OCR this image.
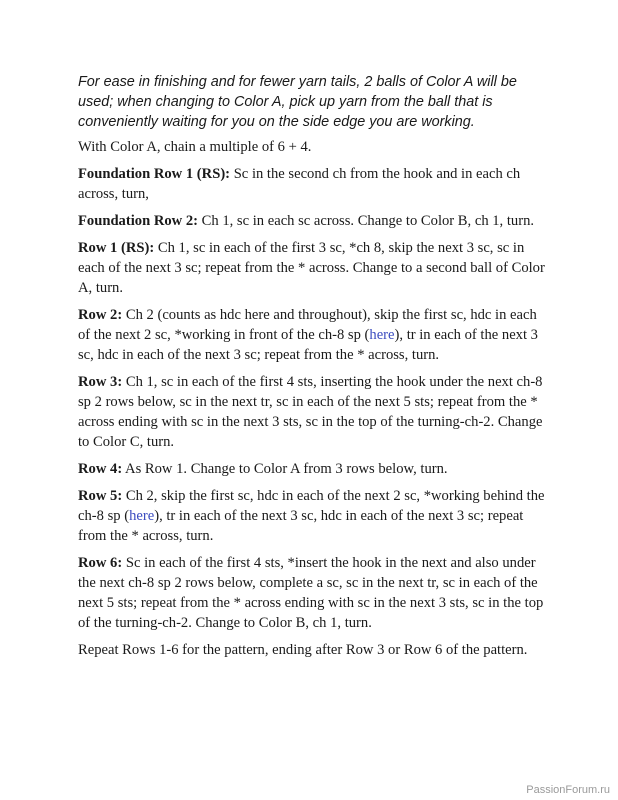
For ease in finishing and for fewer yarn tails, 2 balls of Color A will be used; when changing to Color A, pick up yarn from the ball that is conveniently waiting for you on the side edge you are working.

With Color A, chain a multiple of 6 + 4.

Foundation Row 1 (RS): Sc in the second ch from the hook and in each ch across, turn,

Foundation Row 2: Ch 1, sc in each sc across. Change to Color B, ch 1, turn.

Row 1 (RS): Ch 1, sc in each of the first 3 sc, *ch 8, skip the next 3 sc, sc in each of the next 3 sc; repeat from the * across. Change to a second ball of Color A, turn.

Row 2: Ch 2 (counts as hdc here and throughout), skip the first sc, hdc in each of the next 2 sc, *working in front of the ch-8 sp (here), tr in each of the next 3 sc, hdc in each of the next 3 sc; repeat from the * across, turn.

Row 3: Ch 1, sc in each of the first 4 sts, inserting the hook under the next ch-8 sp 2 rows below, sc in the next tr, sc in each of the next 5 sts; repeat from the * across ending with sc in the next 3 sts, sc in the top of the turning-ch-2. Change to Color C, turn.

Row 4: As Row 1. Change to Color A from 3 rows below, turn.

Row 5: Ch 2, skip the first sc, hdc in each of the next 2 sc, *working behind the ch-8 sp (here), tr in each of the next 3 sc, hdc in each of the next 3 sc; repeat from the * across, turn.

Row 6: Sc in each of the first 4 sts, *insert the hook in the next and also under the next ch-8 sp 2 rows below, complete a sc, sc in the next tr, sc in each of the next 5 sts; repeat from the * across ending with sc in the next 3 sts, sc in the top of the turning-ch-2. Change to Color B, ch 1, turn.

Repeat Rows 1-6 for the pattern, ending after Row 3 or Row 6 of the pattern.

PassionForum.ru
